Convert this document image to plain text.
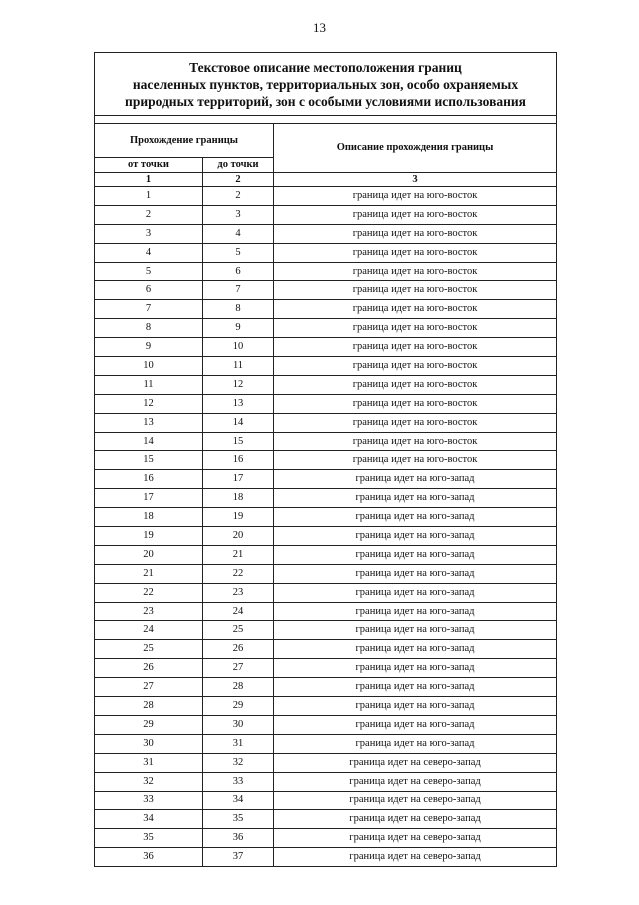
13
Текстовое описание местоположения границ
населенных пунктов, территориальных зон, особо охраняемых
природных территорий, зон с особыми условиями использования		

Прохождение границы		Описание прохождения границы
от точки	до точки	
1	2	3
1	2	граница идет на юго-восток
2	3	граница идет на юго-восток
3	4	граница идет на юго-восток
4	5	граница идет на юго-восток
5	6	граница идет на юго-восток
6	7	граница идет на юго-восток
7	8	граница идет на юго-восток
8	9	граница идет на юго-восток
9	10	граница идет на юго-восток
10	11	граница идет на юго-восток
11	12	граница идет на юго-восток
12	13	граница идет на юго-восток
13	14	граница идет на юго-восток
14	15	граница идет на юго-восток
15	16	граница идет на юго-восток
16	17	граница идет на юго-запад
17	18	граница идет на юго-запад
18	19	граница идет на юго-запад
19	20	граница идет на юго-запад
20	21	граница идет на юго-запад
21	22	граница идет на юго-запад
22	23	граница идет на юго-запад
23	24	граница идет на юго-запад
24	25	граница идет на юго-запад
25	26	граница идет на юго-запад
26	27	граница идет на юго-запад
27	28	граница идет на юго-запад
28	29	граница идет на юго-запад
29	30	граница идет на юго-запад
30	31	граница идет на юго-запад
31	32	граница идет на северо-запад
32	33	граница идет на северо-запад
33	34	граница идет на северо-запад
34	35	граница идет на северо-запад
35	36	граница идет на северо-запад
36	37	граница идет на северо-запад
